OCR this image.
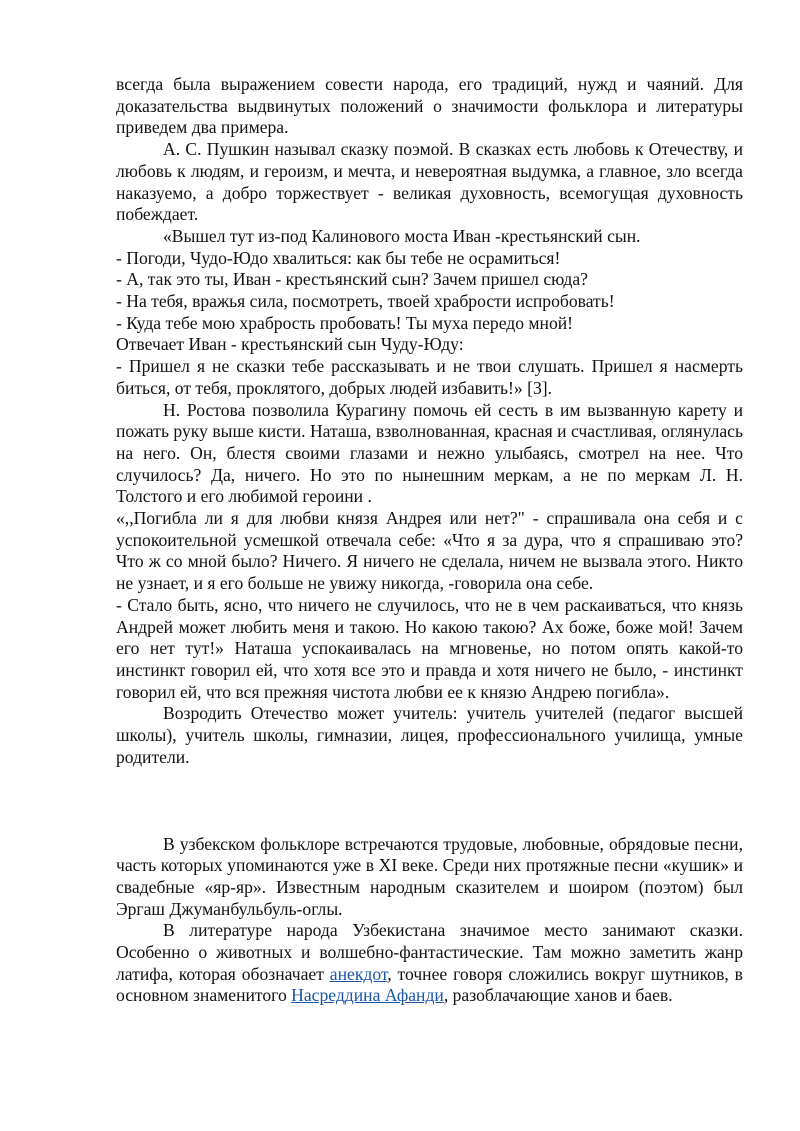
всегда была выражением совести народа, его традиций, нужд и чаяний. Для доказательства выдвинутых положений о значимости фольклора и литературы приведем два примера.

А. С. Пушкин называл сказку поэмой. В сказках есть любовь к Отечеству, и любовь к людям, и героизм, и мечта, и невероятная выдумка, а главное, зло всегда наказуемо, а добро торжествует - великая духовность, всемогущая духовность побеждает.

«Вышел тут из-под Калинового моста Иван -крестьянский сын.

- Погоди, Чудо-Юдо хвалиться: как бы тебе не осрамиться!

- А, так это ты, Иван - крестьянский сын? Зачем пришел сюда?

- На тебя, вражья сила, посмотреть, твоей храбрости испробовать!

- Куда тебе мою храбрость пробовать! Ты муха передо мной!

Отвечает Иван - крестьянский сын Чуду-Юду:

- Пришел я не сказки тебе рассказывать и не твои слушать. Пришел я насмерть биться, от тебя, проклятого, добрых людей избавить!» [3].

Н. Ростова позволила Курагину помочь ей сесть в им вызванную карету и пожать руку выше кисти. Наташа, взволнованная, красная и счастливая, оглянулась на него. Он, блестя своими глазами и нежно улыбаясь, смотрел на нее. Что случилось? Да, ничего. Но это по нынешним меркам, а не по меркам Л. Н. Толстого и его любимой героини .

«,,Погибла ли я для любви князя Андрея или нет?" - спрашивала она себя и с успокоительной усмешкой отвечала себе: «Что я за дура, что я спрашиваю это? Что ж со мной было? Ничего. Я ничего не сделала, ничем не вызвала этого. Никто не узнает, и я его больше не увижу никогда, -говорила она себе.

- Стало быть, ясно, что ничего не случилось, что не в чем раскаиваться, что князь Андрей может любить меня и такою. Но какою такою? Ах боже, боже мой! Зачем его нет тут!» Наташа успокаивалась на мгновенье, но потом опять какой-то инстинкт говорил ей, что хотя все это и правда и хотя ничего не было, - инстинкт говорил ей, что вся прежняя чистота любви ее к князю Андрею погибла».

Возродить Отечество может учитель: учитель учителей (педагог высшей школы), учитель школы, гимназии, лицея, профессионального училища, умные родители.

В узбекском фольклоре встречаются трудовые, любовные, обрядовые песни, часть которых упоминаются уже в XI веке. Среди них протяжные песни «кушик» и свадебные «яр-яр». Известным народным сказителем и шоиром (поэтом) был Эргаш Джуманбульбуль-оглы.

В литературе народа Узбекистана значимое место занимают сказки. Особенно о животных и волшебно-фантастические. Там можно заметить жанр латифа, которая обозначает анекдот, точнее говоря сложились вокруг шутников, в основном знаменитого Насреддина Афанди, разоблачающие ханов и баев.
